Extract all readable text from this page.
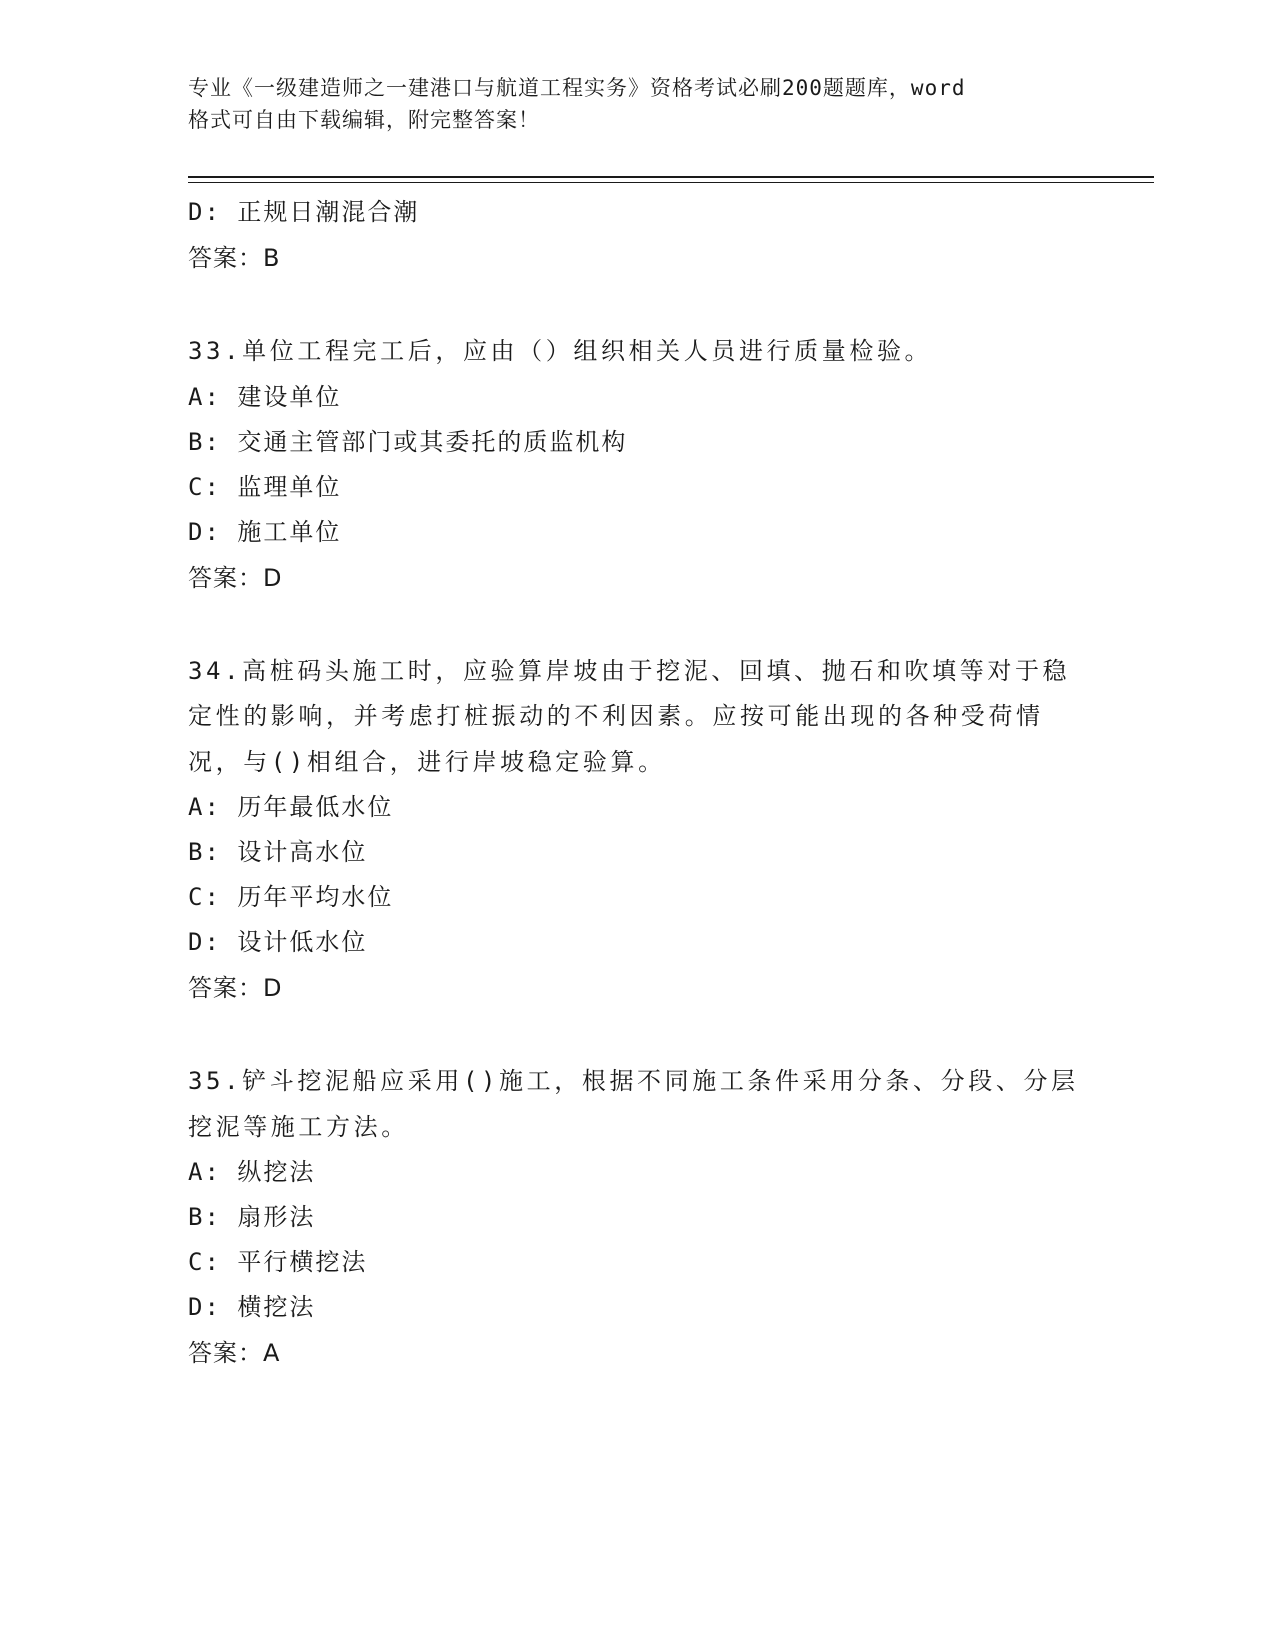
专业《一级建造师之一建港口与航道工程实务》资格考试必刷200题题库，word
格式可自由下载编辑，附完整答案！
D: 正规日潮混合潮
答案：B
33.单位工程完工后，应由（）组织相关人员进行质量检验。
A: 建设单位
B: 交通主管部门或其委托的质监机构
C: 监理单位
D: 施工单位
答案：D
34.高桩码头施工时，应验算岸坡由于挖泥、回填、抛石和吹填等对于稳定性的影响，并考虑打桩振动的不利因素。应按可能出现的各种受荷情况，与()相组合，进行岸坡稳定验算。
A: 历年最低水位
B: 设计高水位
C: 历年平均水位
D: 设计低水位
答案：D
35.铲斗挖泥船应采用()施工，根据不同施工条件采用分条、分段、分层挖泥等施工方法。
A: 纵挖法
B: 扇形法
C: 平行横挖法
D: 横挖法
答案：A
